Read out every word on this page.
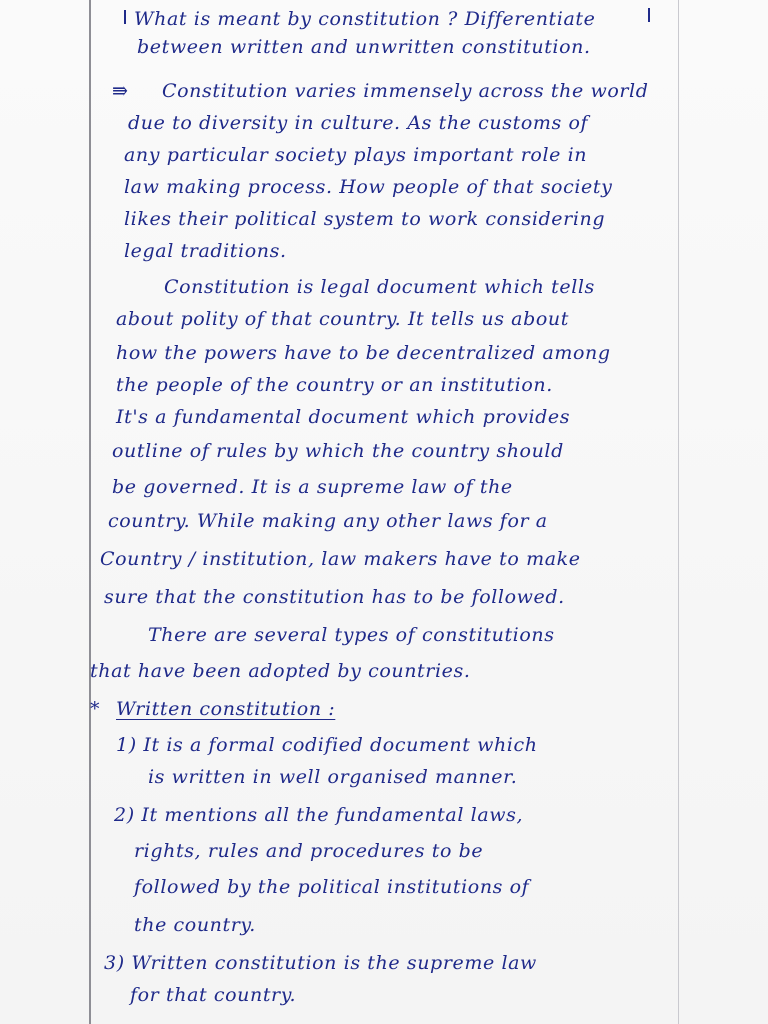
What is meant by constitution ? Differentiate
between written and unwritten constitution.
⇛ Constitution varies immensely across the world
due to diversity in culture. As the customs of
any particular society plays important role in
law making process. How people of that society
likes their political system to work considering
legal traditions.
Constitution is legal document which tells
about polity of that country. It tells us about
how the powers have to be decentralized among
the people of the country or an institution.
It's a fundamental document which provides
outline of rules by which the country should
be governed. It is a supreme law of the
country. While making any other laws for a
Country / institution, law makers have to make
sure that the constitution has to be followed.
There are several types of constitutions
that have been adopted by countries.
* Written constitution :
1) It is a formal codified document which
is written in well organised manner.
2) It mentions all the fundamental laws,
rights, rules and procedures to be
followed by the political institutions of
the country.
3) Written constitution is the supreme law
for that country.
